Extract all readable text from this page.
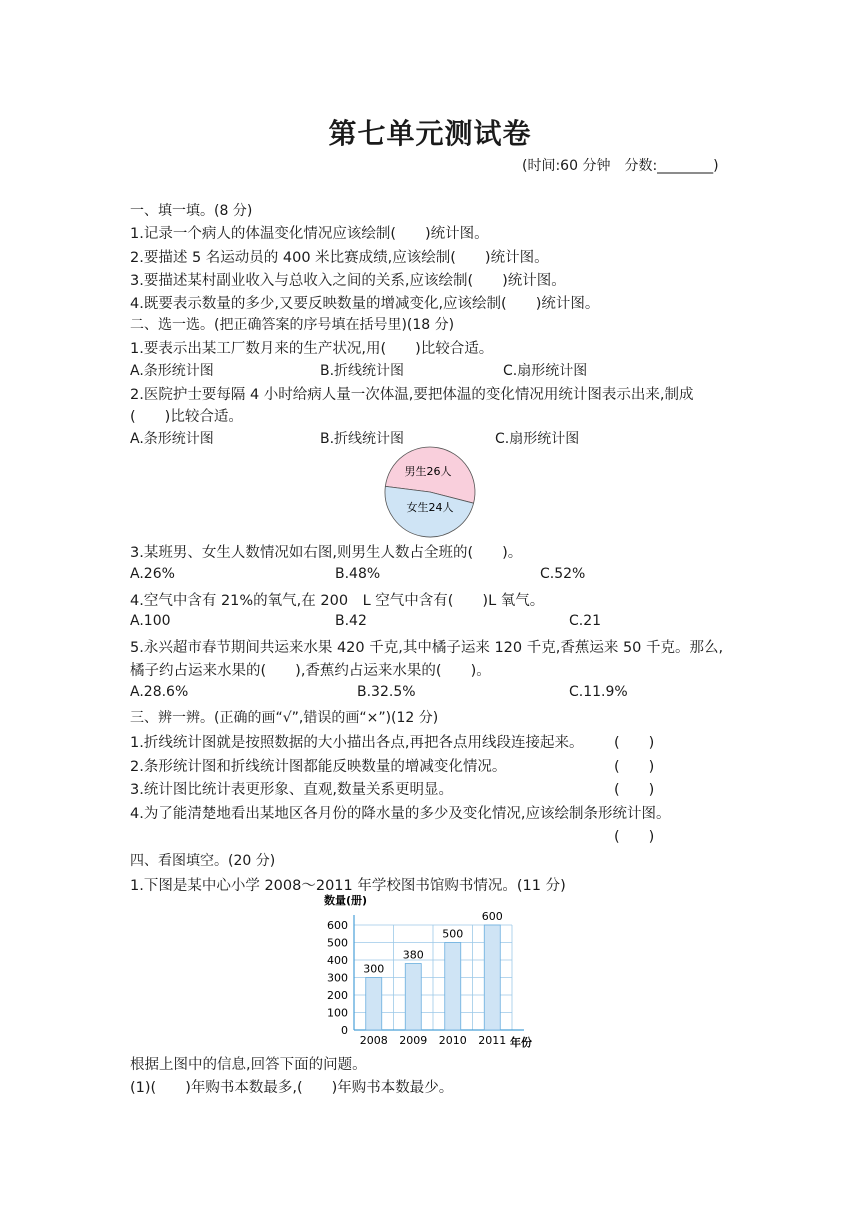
第七单元测试卷
(时间:60 分钟　分数:________)
一、填一填。(8 分)
1.记录一个病人的体温变化情况应该绘制(　　)统计图。
2.要描述 5 名运动员的 400 米比赛成绩,应该绘制(　　)统计图。
3.要描述某村副业收入与总收入之间的关系,应该绘制(　　)统计图。
4.既要表示数量的多少,又要反映数量的增减变化,应该绘制(　　)统计图。
二、选一选。(把正确答案的序号填在括号里)(18 分)
1.要表示出某工厂数月来的生产状况,用(　　)比较合适。
A.条形统计图	B.折线统计图	C.扇形统计图
2.医院护士要每隔 4 小时给病人量一次体温,要把体温的变化情况用统计图表示出来,制成
(　　)比较合适。
A.条形统计图	B.折线统计图	C.扇形统计图
男生26人
女生24人
3.某班男、女生人数情况如右图,则男生人数占全班的(　　)。
A.26%	B.48%	C.52%
4.空气中含有 21%的氧气,在 200　L 空气中含有(　　)L 氧气。
A.100	B.42	C.21
5.永兴超市春节期间共运来水果 420 千克,其中橘子运来 120 千克,香蕉运来 50 千克。那么,
橘子约占运来水果的(　　),香蕉约占运来水果的(　　)。
A.28.6%	B.32.5%	C.11.9%
三、辨一辨。(正确的画“√”,错误的画“×”)(12 分)
1.折线统计图就是按照数据的大小描出各点,再把各点用线段连接起来。 (　　)
2.条形统计图和折线统计图都能反映数量的增减变化情况。	(　　)
3.统计图比统计表更形象、直观,数量关系更明显。	(　　)
4.为了能清楚地看出某地区各月份的降水量的多少及变化情况,应该绘制条形统计图。
(　　)
四、看图填空。(20 分)
1.下图是某中心小学 2008～2011 年学校图书馆购书情况。(11 分)
数量(册)
年份
0
100
200
300
400
500
600
300
2008
380
2009
500
2010
600
2011
根据上图中的信息,回答下面的问题。
(1)(　　)年购书本数最多,(　　)年购书本数最少。
